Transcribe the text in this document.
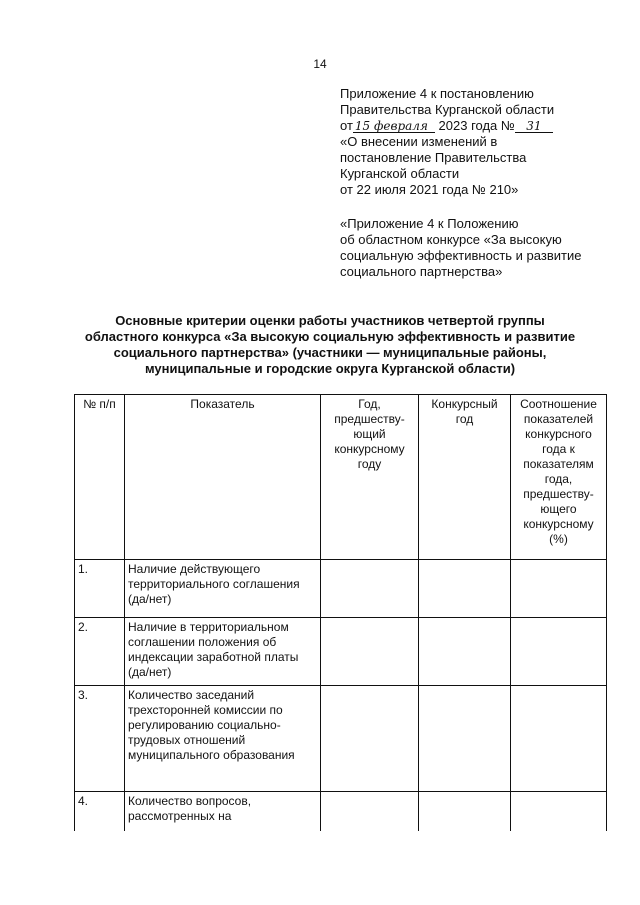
14
Приложение 4 к постановлению
Правительства Курганской области
от 15 февраля 2023 года № 31
«О внесении изменений в
постановление Правительства
Курганской области
от 22 июля 2021 года № 210»
«Приложение 4 к Положению
об областном конкурсе «За высокую
социальную эффективность и развитие
социального партнерства»
Основные критерии оценки работы участников четвертой группы
областного конкурса «За высокую социальную эффективность и развитие
социального партнерства» (участники — муниципальные районы,
муниципальные и городские округа Курганской области)
№ п/п	Показатель	Год, предшеству-ющий конкурсному году	Конкурсный год	Соотношение показателей конкурсного года к показателям года, предшеству-ющего конкурсному (%)
1.	Наличие действующего территориального соглашения (да/нет)			
2.	Наличие в территориальном соглашении положения об индексации заработной платы (да/нет)			
3.	Количество заседаний трехсторонней комиссии по регулированию социально-трудовых отношений муниципального образования			
4.	Количество вопросов, рассмотренных на			
